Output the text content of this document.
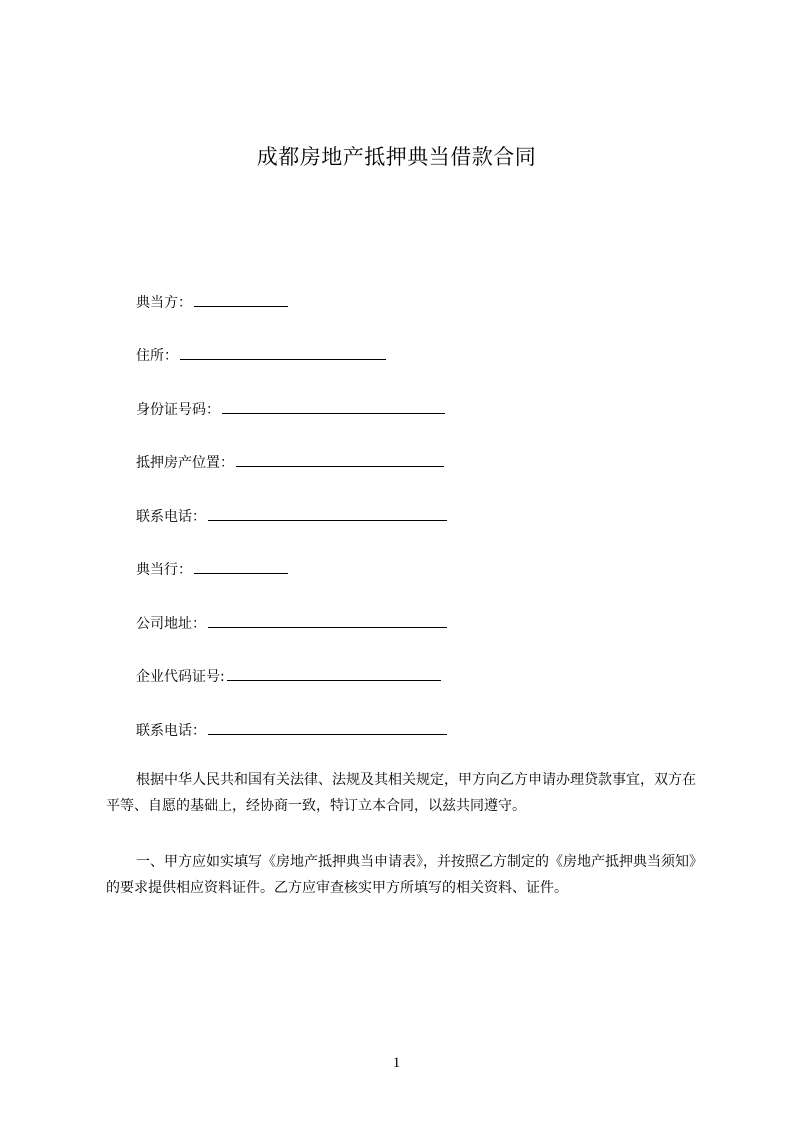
成都房地产抵押典当借款合同
典当方：
住所：
身份证号码：
抵押房产位置：
联系电话：
典当行：
公司地址：
企业代码证号:
联系电话：
根据中华人民共和国有关法律、法规及其相关规定，甲方向乙方申请办理贷款事宜，双方在平等、自愿的基础上，经协商一致，特订立本合同，以兹共同遵守。
一、甲方应如实填写《房地产抵押典当申请表》，并按照乙方制定的《房地产抵押典当须知》的要求提供相应资料证件。乙方应审查核实甲方所填写的相关资料、证件。
1
